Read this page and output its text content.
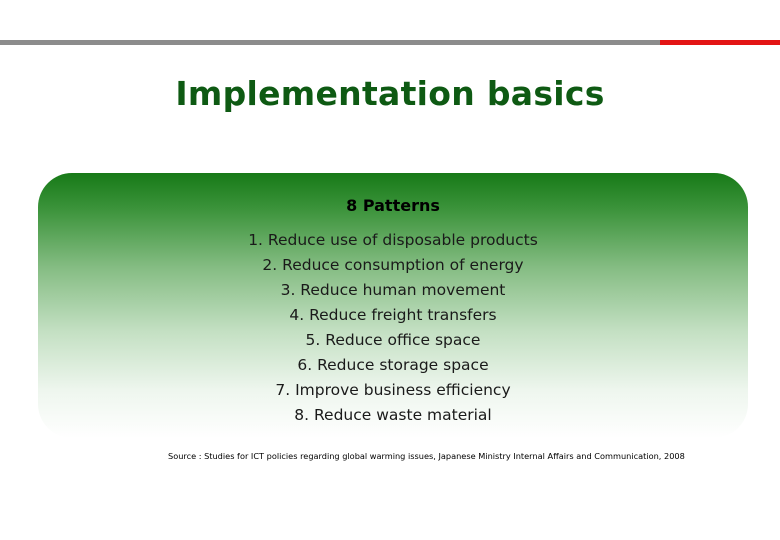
Implementation basics
8 Patterns
1. Reduce use of disposable products
2. Reduce consumption of energy
3. Reduce human movement
4. Reduce freight transfers
5. Reduce office space
6. Reduce storage space
7. Improve business efficiency
8. Reduce waste material
Source : Studies for ICT policies regarding global warming issues, Japanese Ministry Internal Affairs and Communication, 2008
